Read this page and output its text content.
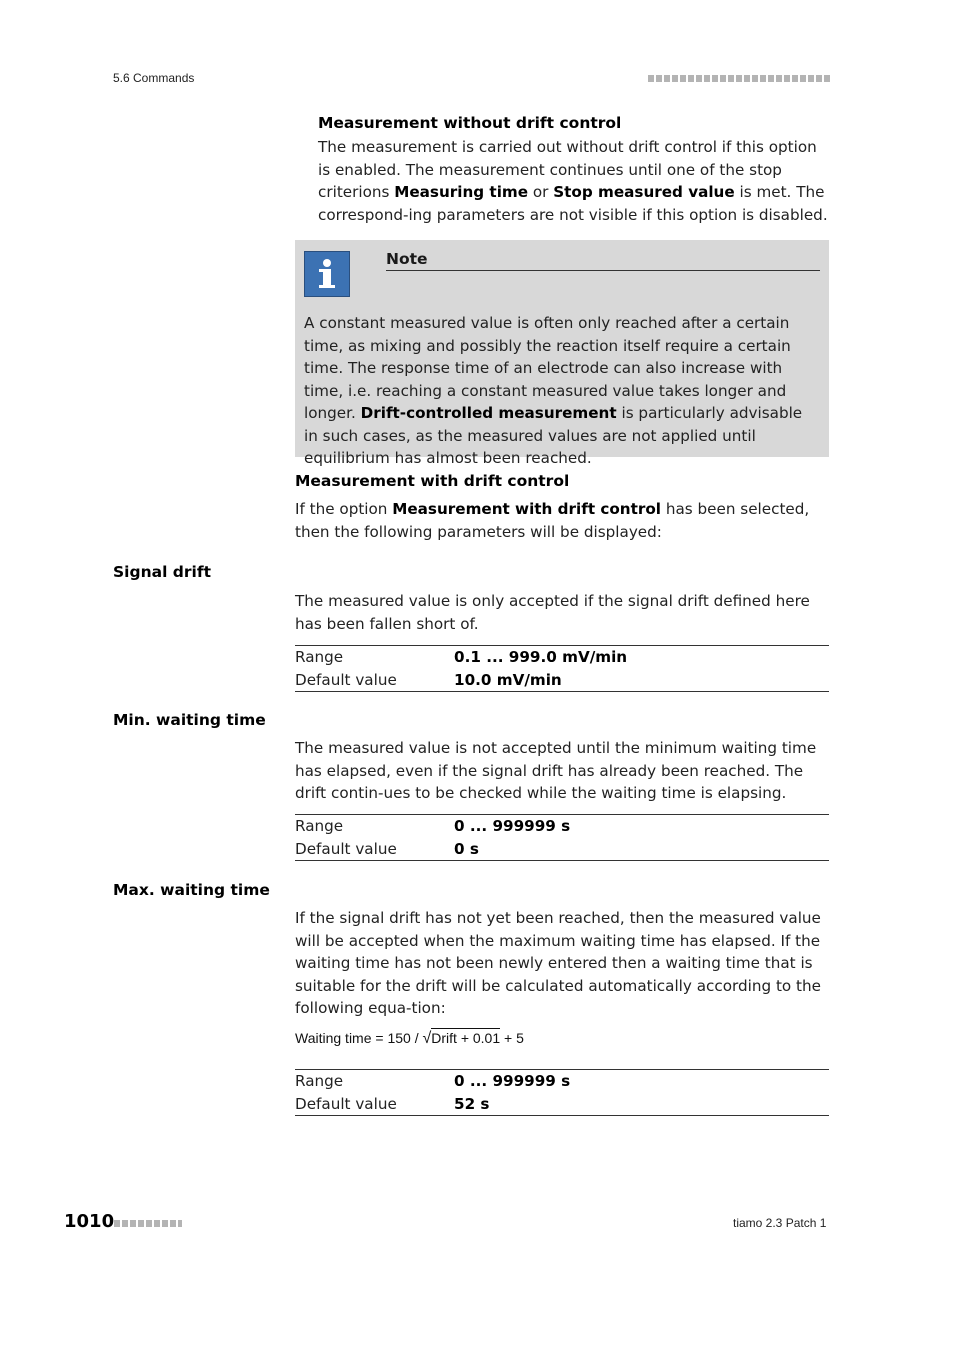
5.6 Commands
Measurement without drift control
The measurement is carried out without drift control if this option is enabled. The measurement continues until one of the stop criterions Measuring time or Stop measured value is met. The correspond-ing parameters are not visible if this option is disabled.
Note
A constant measured value is often only reached after a certain time, as mixing and possibly the reaction itself require a certain time. The response time of an electrode can also increase with time, i.e. reaching a constant measured value takes longer and longer. Drift-controlled measurement is particularly advisable in such cases, as the measured values are not applied until equilibrium has almost been reached.
Measurement with drift control
If the option Measurement with drift control has been selected, then the following parameters will be displayed:
Signal drift
The measured value is only accepted if the signal drift defined here has been fallen short of.
Range	0.1 ... 999.0 mV/min
Default value	10.0 mV/min
Min. waiting time
The measured value is not accepted until the minimum waiting time has elapsed, even if the signal drift has already been reached. The drift contin-ues to be checked while the waiting time is elapsing.
Range	0 ... 999999 s
Default value	0 s
Max. waiting time
If the signal drift has not yet been reached, then the measured value will be accepted when the maximum waiting time has elapsed. If the waiting time has not been newly entered then a waiting time that is suitable for the drift will be calculated automatically according to the following equa-tion:
Waiting time = 150 / √Drift + 0.01 + 5
Range	0 ... 999999 s
Default value	52 s
1010	tiamo 2.3 Patch 1
